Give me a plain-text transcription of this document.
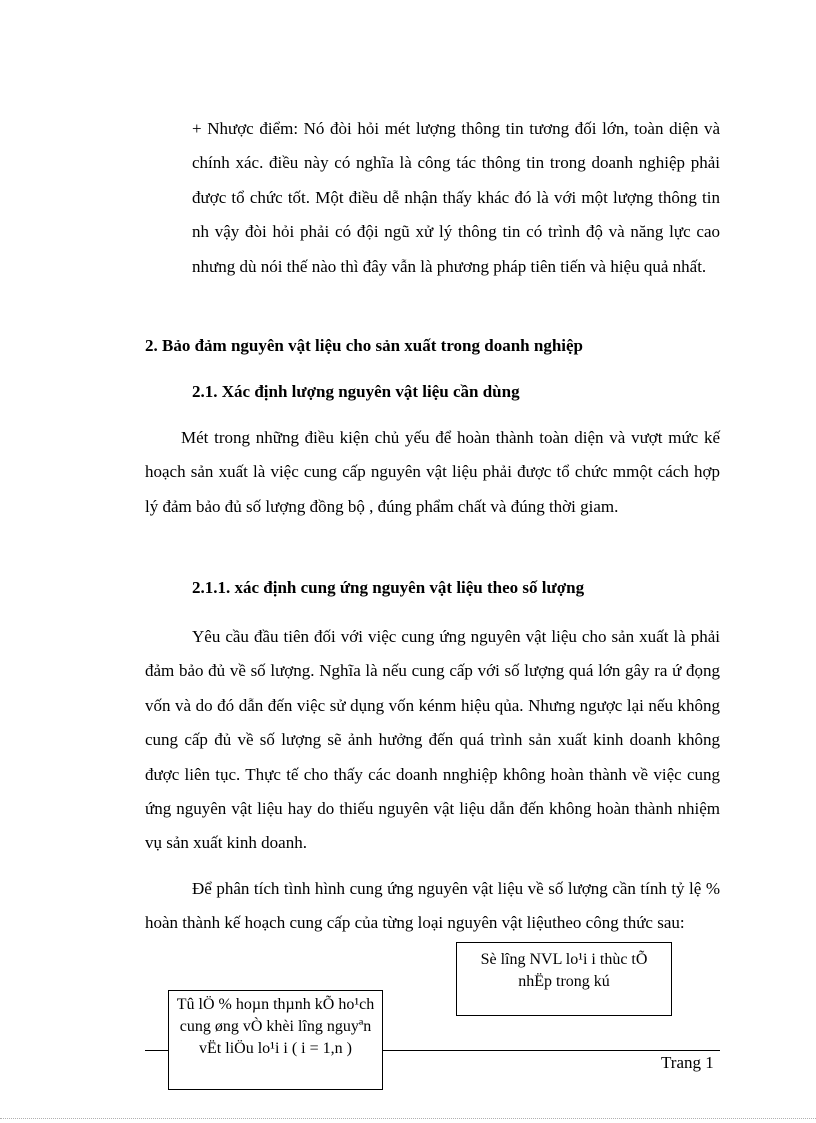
+ Nhược điểm: Nó đòi hỏi mét lượng thông tin tương đối lớn, toàn diện và chính xác. điều này có nghĩa là công tác thông tin trong doanh nghiệp phải được tổ chức tốt. Một điều dễ nhận thấy khác đó là với một lượng thông tin nh vậy đòi hỏi phải có đội ngũ xử lý thông tin có trình độ và năng lực cao nhưng dù nói thế nào thì đây vẫn là phương pháp tiên tiến và hiệu quả nhất.

2. Bảo đảm nguyên vật liệu cho sản xuất trong doanh nghiệp
2.1. Xác định lượng nguyên vật liệu cần dùng

Mét trong những điều kiện chủ yếu để hoàn thành toàn diện và vượt mức kế hoạch sản xuất là việc cung cấp nguyên vật liệu phải được tổ chức mmột cách hợp lý đảm bảo đủ số lượng đồng bộ , đúng phẩm chất và đúng thời giam.

2.1.1. xác định cung ứng nguyên vật liệu theo số lượng

Yêu cầu đầu tiên đối với việc cung ứng nguyên vật liệu cho sản xuất là phải đảm bảo đủ về số lượng. Nghĩa là nếu cung cấp với số lượng quá lớn gây ra ứ đọng vốn và do đó dẫn đến việc sử dụng vốn kénm hiệu qủa. Nhưng ngược lại nếu không cung cấp đủ về số lượng sẽ ảnh hưởng đến quá trình sản xuất kinh doanh không được liên tục. Thực tế cho thấy các doanh nnghiệp không hoàn thành về việc cung ứng nguyên vật liệu hay do thiếu nguyên vật liệu dẫn đến không hoàn thành nhiệm vụ sản xuất kinh doanh.

Để phân tích tình hình cung ứng nguyên vật liệu về số lượng cần tính tỷ lệ % hoàn thành kế hoạch cung cấp của từng loại nguyên vật liệutheo công thức sau:

Sè lîng NVL lo¹i i thùc tÕ nhËp trong kú
Tû lÖ % hoµn thµnh kÕ ho¹ch cung øng vÒ khèi lîng nguyªn vËt liÖu lo¹i i ( i = 1,n )
Trang 1
